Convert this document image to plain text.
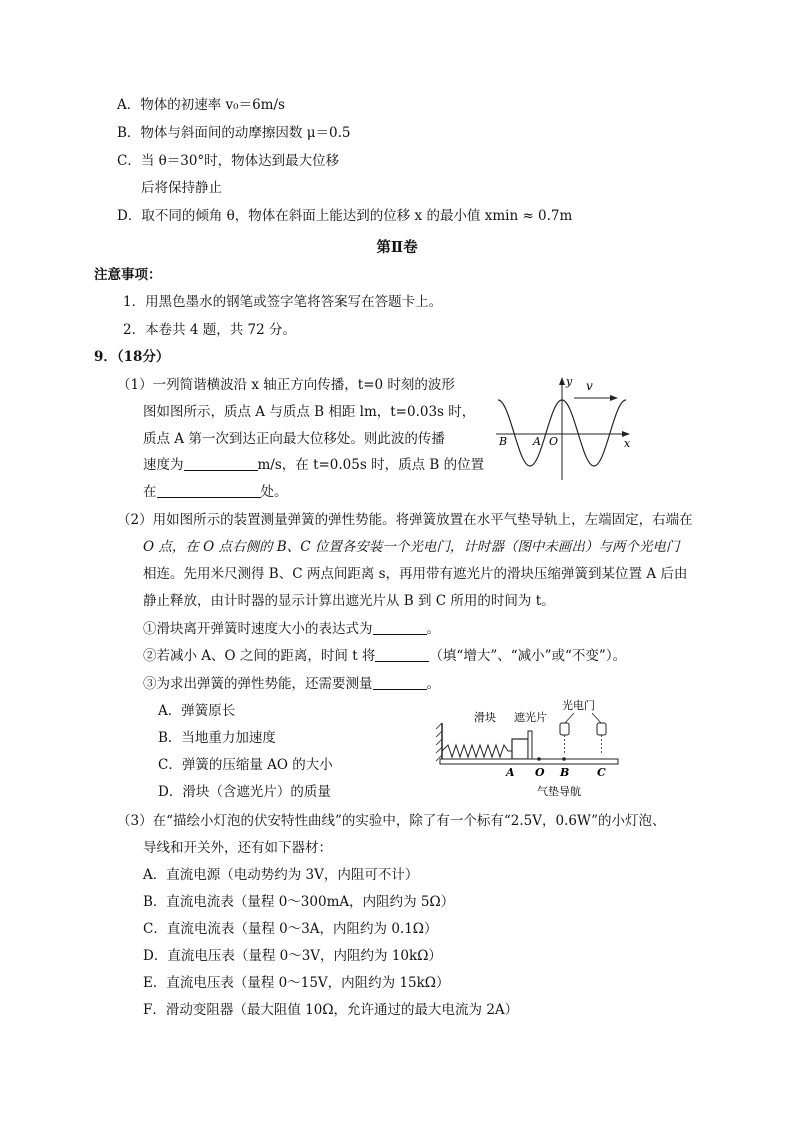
A．物体的初速率 v₀＝6m/s
B．物体与斜面间的动摩擦因数 μ＝0.5
C．当 θ＝30°时，物体达到最大位移
后将保持静止
D．取不同的倾角 θ，物体在斜面上能达到的位移 x 的最小值 xmin ≈ 0.7m
第Ⅱ卷
注意事项：
1．用黑色墨水的钢笔或签字笔将答案写在答题卡上。
2．本卷共 4 题，共 72 分。
9．（18分）
（1）一列简谐横波沿 x 轴正方向传播，t=0 时刻的波形
图如图所示，质点 A 与质点 B 相距 lm，t=0.03s 时，
质点 A 第一次到达正向最大位移处。则此波的传播
速度为	m/s，在 t=0.05s 时，质点 B 的位置
在	处。
y v
x
B A O
（2）用如图所示的装置测量弹簧的弹性势能。将弹簧放置在水平气垫导轨上，左端固定，右端在
O 点，在 O 点右侧的 B、C 位置各安装一个光电门，计时器（图中未画出）与两个光电门
相连。先用米尺测得 B、C 两点间距离 s，再用带有遮光片的滑块压缩弹簧到某位置 A 后由
静止释放，由计时器的显示计算出遮光片从 B 到 C 所用的时间为 t。
①滑块离开弹簧时速度大小的表达式为	。
②若减小 A、O 之间的距离，时间 t 将	（填“增大”、“减小”或“不变”）。
③为求出弹簧的弹性势能，还需要测量	。
A．弹簧原长
B．当地重力加速度
C．弹簧的压缩量 AO 的大小
D．滑块（含遮光片）的质量
滑块 遮光片
光电门
A O B	C
气垫导航
（3）在“描绘小灯泡的伏安特性曲线”的实验中，除了有一个标有“2.5V，0.6W”的小灯泡、
导线和开关外，还有如下器材：
A．直流电源（电动势约为 3V，内阻可不计）
B．直流电流表（量程 0～300mA，内阻约为 5Ω）
C．直流电流表（量程 0～3A，内阻约为 0.1Ω）
D．直流电压表（量程 0～3V，内阻约为 10kΩ）
E．直流电压表（量程 0～15V，内阻约为 15kΩ）
F．滑动变阻器（最大阻值 10Ω，允许通过的最大电流为 2A）
